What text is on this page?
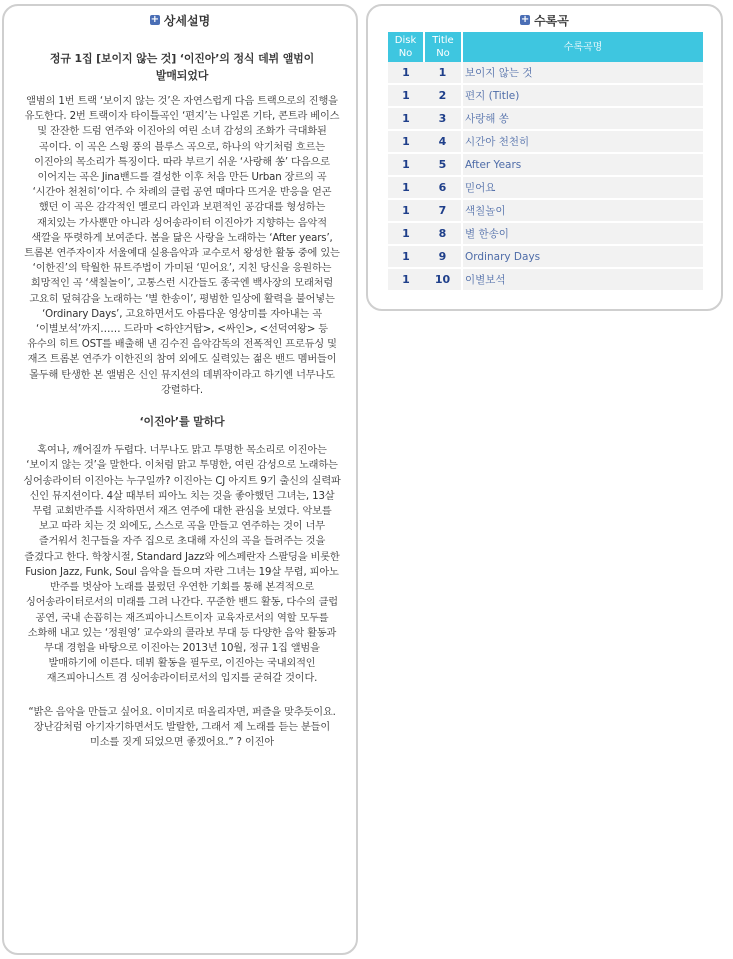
+ 상세설명

정규 1집 [보이지 않는 것] ‘이진아’의 정식 데뷔 앨범이 발매되었다

앨범의 1번 트랙 ‘보이지 않는 것’은 자연스럽게 다음 트랙으로의 진행을 유도한다. 2번 트랙이자 타이틀곡인 ‘편지’는 나일론 기타, 콘트라 베이스 및 잔잔한 드럼 연주와 이진아의 여린 소녀 감성의 조화가 극대화된 곡이다. 이 곡은 스윙 풍의 블루스 곡으로, 하나의 악기처럼 흐르는 이진아의 목소리가 특징이다. 따라 부르기 쉬운 ‘사랑해 쏭’ 다음으로 이어지는 곡은 Jina밴드를 결성한 이후 처음 만든 Urban 장르의 곡 ‘시간아 천천히’이다. 수 차례의 클럽 공연 때마다 뜨거운 반응을 얻곤 했던 이 곡은 감각적인 멜로디 라인과 보편적인 공감대를 형성하는 재치있는 가사뿐만 아니라 싱어송라이터 이진아가 지향하는 음악적 색깔을 뚜렷하게 보여준다. 봄을 닮은 사랑을 노래하는 ‘After years’, 트롬본 연주자이자 서울예대 실용음악과 교수로서 왕성한 활동 중에 있는 ‘이한진’의 탁월한 뮤트주법이 가미된 ‘믿어요’, 지친 당신을 응원하는 희망적인 곡 ‘색칠놀이’, 고통스런 시간들도 종국엔 백사장의 모래처럼 고요히 덮혀감을 노래하는 ‘별 한송이’, 평범한 일상에 활력을 불어넣는 ‘Ordinary Days’, 고요하면서도 아름다운 영상미를 자아내는 곡 ‘이별보석’까지…… 드라마 <하얀거탑>, <싸인>, <선덕여왕> 등 유수의 히트 OST를 배출해 낸 김수진 음악감독의 전폭적인 프로듀싱 및 재즈 트롬본 연주가 이한진의 참여 외에도 실력있는 젊은 밴드 멤버들이 몰두해 탄생한 본 앨범은 신인 뮤지션의 데뷔작이라고 하기엔 너무나도 강렬하다.

‘이진아’를 말하다

혹여나, 깨어질까 두렵다. 너무나도 맑고 투명한 목소리로 이진아는 ‘보이지 않는 것’을 말한다. 이처럼 맑고 투명한, 여린 감성으로 노래하는 싱어송라이터 이진아는 누구일까? 이진아는 CJ 아지트 9기 출신의 실력파 신인 뮤지션이다. 4살 때부터 피아노 치는 것을 좋아했던 그녀는, 13살 무렵 교회반주를 시작하면서 재즈 연주에 대한 관심을 보였다. 악보를 보고 따라 치는 것 외에도, 스스로 곡을 만들고 연주하는 것이 너무 즐거워서 친구들을 자주 집으로 초대해 자신의 곡을 들려주는 것을 즐겼다고 한다. 학창시절, Standard Jazz와 에스페란자 스팔딩을 비롯한 Fusion Jazz, Funk, Soul 음악을 들으며 자란 그녀는 19살 무렵, 피아노 반주를 벗삼아 노래를 불렀던 우연한 기회를 통해 본격적으로 싱어송라이터로서의 미래를 그려 나간다. 꾸준한 밴드 활동, 다수의 클럽 공연, 국내 손꼽히는 재즈피아니스트이자 교육자로서의 역할 모두를 소화해 내고 있는 ‘정원영’ 교수와의 콜라보 무대 등 다양한 음악 활동과 무대 경험을 바탕으로 이진아는 2013년 10월, 정규 1집 앨범을 발매하기에 이른다. 데뷔 활동을 필두로, 이진아는 국내외적인 재즈피아니스트 겸 싱어송라이터로서의 입지를 굳혀갈 것이다.

“밝은 음악을 만들고 싶어요. 이미지로 떠올리자면, 퍼즐을 맞추듯이요. 장난감처럼 아기자기하면서도 발랄한, 그래서 제 노래를 듣는 분들이 미소를 짓게 되었으면 좋겠어요.” ? 이진아

+ 수록곡
Disk No	Title No	수록곡명
1	1	보이지 않는 것
1	2	편지 (Title)
1	3	사랑해 쏭
1	4	시간아 천천히
1	5	After Years
1	6	믿어요
1	7	색칠놀이
1	8	별 한송이
1	9	Ordinary Days
1	10	이별보석
